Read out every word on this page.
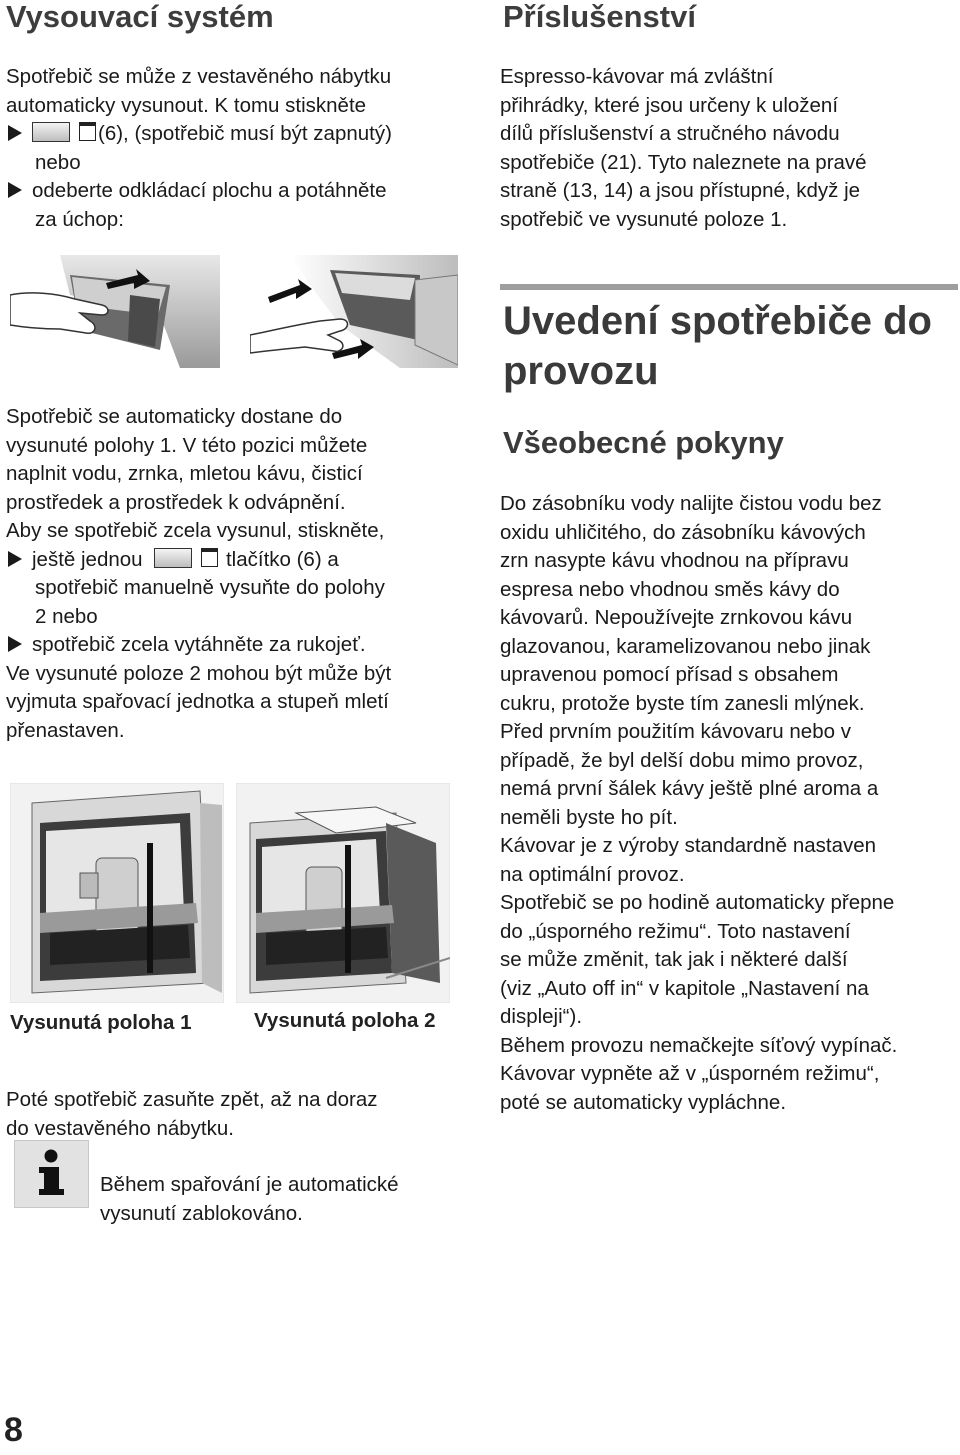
Vysouvací systém
Spotřebič se může z vestavěného nábytku
automaticky vysunout. K tomu stiskněte
(6), (spotřebič musí být zapnutý)
nebo
odeberte odkládací plochu a potáhněte
za úchop:
Spotřebič se automaticky dostane do
vysunuté polohy 1. V této pozici můžete
naplnit vodu, zrnka, mletou kávu, čisticí
prostředek a prostředek k odvápnění.
Aby se spotřebič zcela vysunul, stiskněte,
ještě jednou	tlačítko (6) a
spotřebič manuelně vysuňte do polohy
2 nebo
spotřebič zcela vytáhněte za rukojeť.
Ve vysunuté poloze 2 mohou být může být
vyjmuta spařovací jednotka a stupeň mletí
přenastaven.
Vysunutá poloha 1	Vysunutá poloha 2
Poté spotřebič zasuňte zpět, až na doraz
do vestavěného nábytku.
Během spařování je automatické
vysunutí zablokováno.
Příslušenství
Espresso-kávovar má zvláštní
přihrádky, které jsou určeny k uložení
dílů příslušenství a stručného návodu
spotřebiče (21). Tyto naleznete na pravé
straně (13, 14) a jsou přístupné, když je
spotřebič ve vysunuté poloze 1.
Uvedení spotřebiče do
provozu
Všeobecné pokyny
Do zásobníku vody nalijte čistou vodu bez
oxidu uhličitého, do zásobníku kávových
zrn nasypte kávu vhodnou na přípravu
espresa nebo vhodnou směs kávy do
kávovarů. Nepoužívejte zrnkovou kávu
glazovanou, karamelizovanou nebo jinak
upravenou pomocí přísad s obsahem
cukru, protože byste tím zanesli mlýnek.
Před prvním použitím kávovaru nebo v
případě, že byl delší dobu mimo provoz,
nemá první šálek kávy ještě plné aroma a
neměli byste ho pít.
Kávovar je z výroby standardně nastaven
na optimální provoz.
Spotřebič se po hodině automaticky přepne
do „úsporného režimu“. Toto nastavení
se může změnit, tak jak i některé další
(viz „Auto off in“ v kapitole „Nastavení na
displeji“).
Během provozu nemačkejte síťový vypínač.
Kávovar vypněte až v „úsporném režimu“,
poté se automaticky vypláchne.
8
